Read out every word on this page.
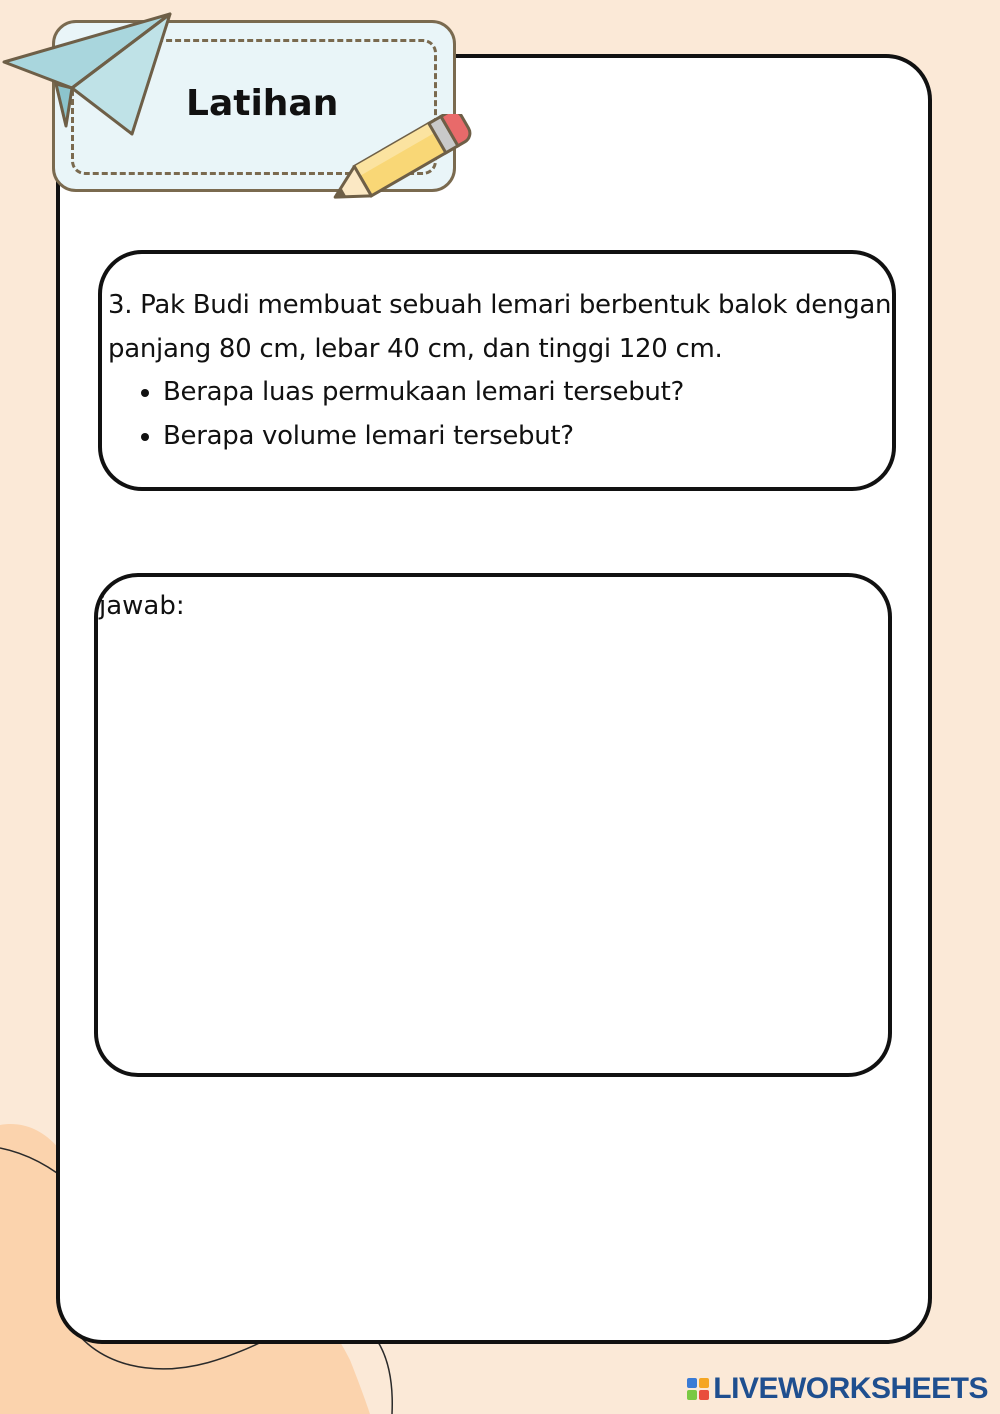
Latihan

3. Pak Budi membuat sebuah lemari berbentuk balok dengan panjang 80 cm, lebar 40 cm, dan tinggi 120 cm.

• Berapa luas permukaan lemari tersebut?
• Berapa volume lemari tersebut?
jawab:
LIVEWORKSHEETS
